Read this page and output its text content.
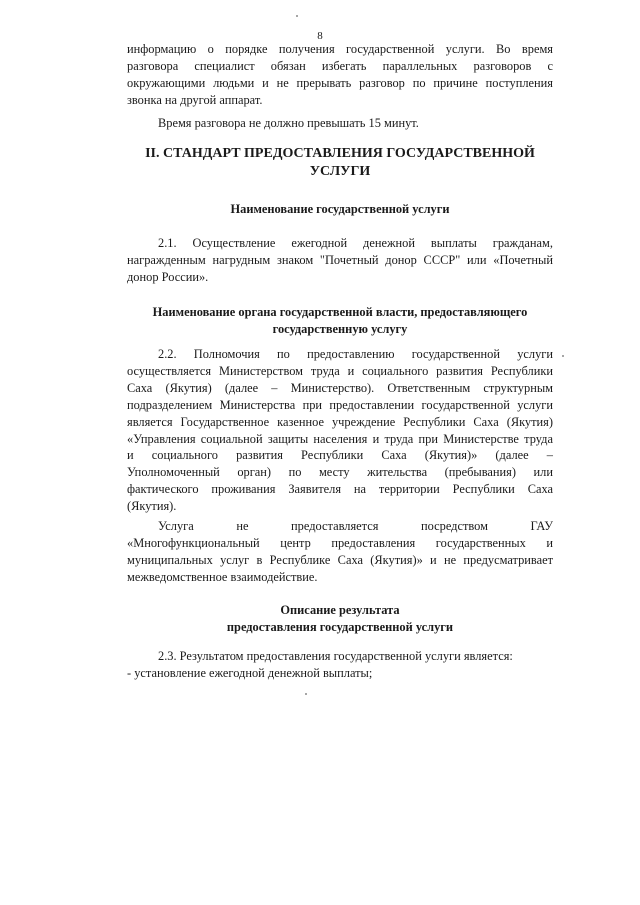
8

информацию о порядке получения государственной услуги. Во время

разговора специалист обязан избегать параллельных разговоров с

окружающими людьми и не прерывать разговор по причине поступления

звонка на другой аппарат.

Время разговора не должно превышать 15 минут.

II. СТАНДАРТ ПРЕДОСТАВЛЕНИЯ ГОСУДАРСТВЕННОЙ

УСЛУГИ

Наименование государственной услуги

2.1. Осуществление ежегодной денежной выплаты гражданам,

награжденным нагрудным знаком "Почетный донор СССР" или «Почетный

донор России».

Наименование органа государственной власти, предоставляющего

государственную услугу

2.2. Полномочия по предоставлению государственной услуги

осуществляется Министерством труда и социального развития Республики

Саха (Якутия) (далее – Министерство). Ответственным структурным

подразделением Министерства при предоставлении государственной услуги

является Государственное казенное учреждение Республики Саха (Якутия)

«Управления социальной защиты населения и труда при Министерстве труда

и социального развития Республики Саха (Якутия)» (далее –

Уполномоченный орган) по месту жительства (пребывания) или

фактического проживания Заявителя на территории Республики Саха

(Якутия).

Услуга не предоставляется посредством ГАУ

«Многофункциональный центр предоставления государственных и

муниципальных услуг в Республике Саха (Якутия)» и не предусматривает

межведомственное взаимодействие.

Описание результата

предоставления государственной услуги

2.3. Результатом предоставления государственной услуги является:

- установление ежегодной денежной выплаты;
